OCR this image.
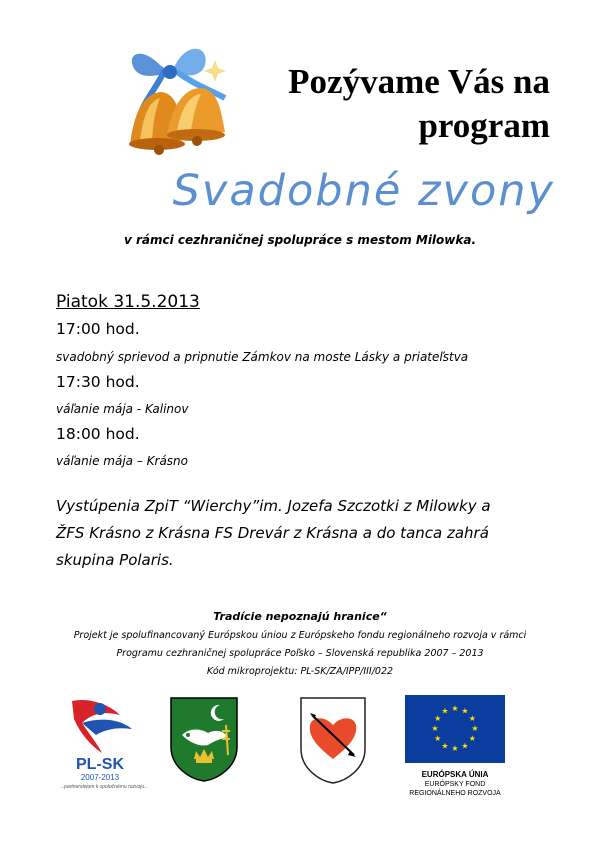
Pozývame Vás na
program
Svadobné zvony
v rámci cezhraničnej spolupráce s mestom Milowka.
Piatok 31.5.2013
17:00 hod.
svadobný sprievod a pripnutie Zámkov na moste Lásky a priateľstva
17:30 hod.
váľanie mája - Kalinov
18:00 hod.
váľanie mája – Krásno
Vystúpenia ZpiT “Wierchy”im. Jozefa Szczotki z Milowky a
ŽFS Krásno z Krásna FS Drevár z Krásna a do tanca zahrá
skupina Polaris.
Tradície nepoznajú hranice“
Projekt je spolufinancovaný Európskou úniou z Európskeho fondu regionálneho rozvoja v rámci
Programu cezhraničnej spolupráce Poľsko – Slovenská republika 2007 – 2013
Kód mikroprojektu: PL-SK/ZA/IPP/III/022
PL-SK
2007-2013
...partnerstwom k spoločnému rozvoju...
★ ★
★
★
★
★
★
★
★
★
★
★
EURÓPSKA ÚNIA
EURÓPSKY FOND
REGIONÁLNEHO ROZVOJA
